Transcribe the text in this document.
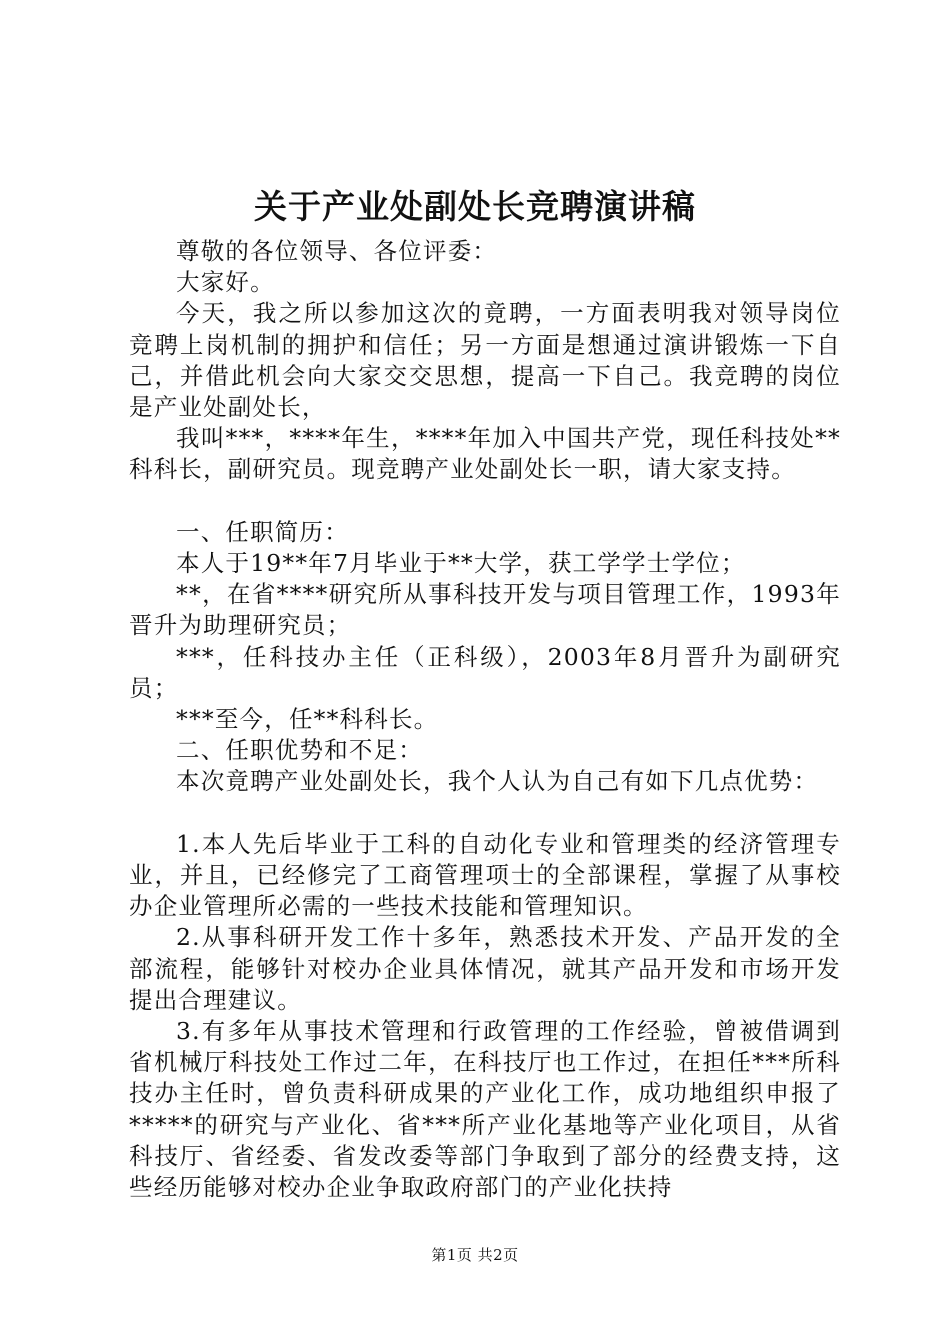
关于产业处副处长竞聘演讲稿

尊敬的各位领导、各位评委：

大家好。

今天，我之所以参加这次的竟聘，一方面表明我对领导岗位竞聘上岗机制的拥护和信任；另一方面是想通过演讲锻炼一下自己，并借此机会向大家交交思想，提高一下自己。我竞聘的岗位是产业处副处长，

我叫***，****年生，****年加入中国共产党，现任科技处**科科长，副研究员。现竞聘产业处副处长一职，请大家支持。

一、任职简历：

本人于19**年7月毕业于**大学，获工学学士学位；

**，在省****研究所从事科技开发与项目管理工作，1993年晋升为助理研究员；

***，任科技办主任（正科级），2003年8月晋升为副研究员；

***至今，任**科科长。

二、任职优势和不足：

本次竟聘产业处副处长，我个人认为自己有如下几点优势：

1.本人先后毕业于工科的自动化专业和管理类的经济管理专业，并且，已经修完了工商管理项士的全部课程，掌握了从事校办企业管理所必需的一些技术技能和管理知识。

2.从事科研开发工作十多年，熟悉技术开发、产品开发的全部流程，能够针对校办企业具体情况，就其产品开发和市场开发提出合理建议。

3.有多年从事技术管理和行政管理的工作经验，曾被借调到省机械厅科技处工作过二年，在科技厅也工作过，在担任***所科技办主任时，曾负责科研成果的产业化工作，成功地组织申报了*****的研究与产业化、省***所产业化基地等产业化项目，从省科技厅、省经委、省发改委等部门争取到了部分的经费支持，这些经历能够对校办企业争取政府部门的产业化扶持

第1页 共2页
